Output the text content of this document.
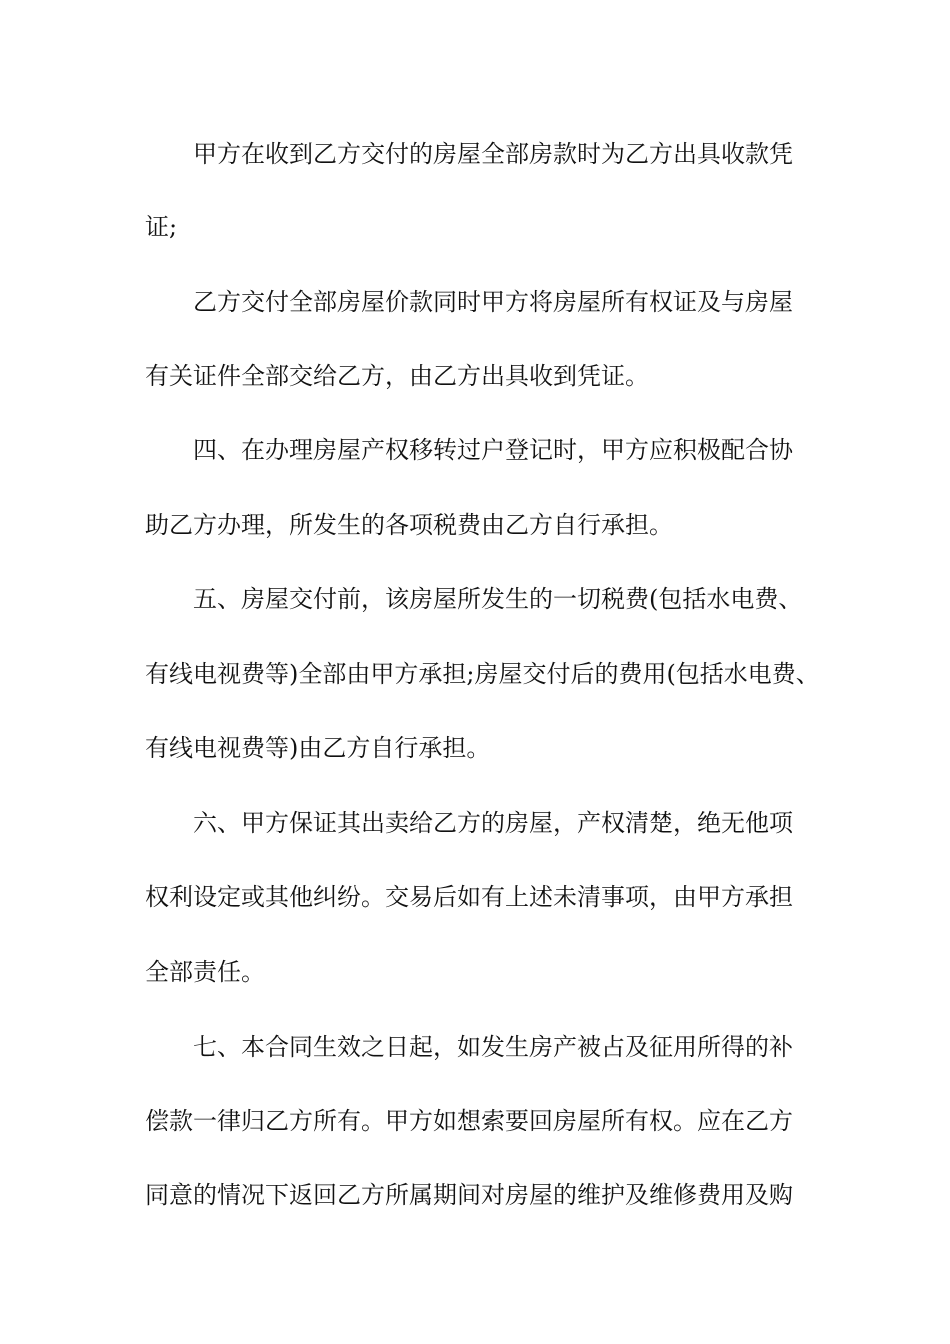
甲方在收到乙方交付的房屋全部房款时为乙方出具收款凭
证;
乙方交付全部房屋价款同时甲方将房屋所有权证及与房屋
有关证件全部交给乙方，由乙方出具收到凭证。
四、在办理房屋产权移转过户登记时，甲方应积极配合协
助乙方办理，所发生的各项税费由乙方自行承担。
五、房屋交付前，该房屋所发生的一切税费(包括水电费、
有线电视费等)全部由甲方承担;房屋交付后的费用(包括水电费、
有线电视费等)由乙方自行承担。
六、甲方保证其出卖给乙方的房屋，产权清楚，绝无他项
权利设定或其他纠纷。交易后如有上述未清事项，由甲方承担
全部责任。
七、本合同生效之日起，如发生房产被占及征用所得的补
偿款一律归乙方所有。甲方如想索要回房屋所有权。应在乙方
同意的情况下返回乙方所属期间对房屋的维护及维修费用及购
